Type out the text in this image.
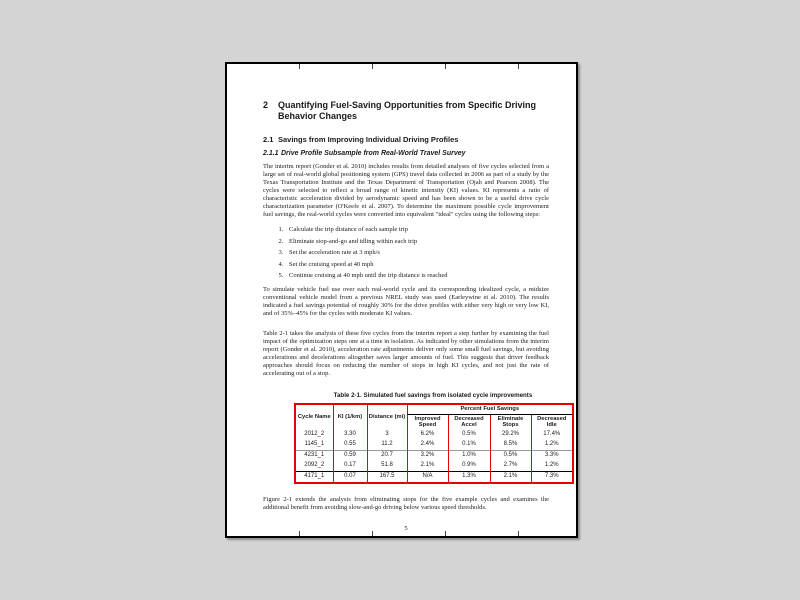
2	Quantifying Fuel-Saving Opportunities from Specific Driving Behavior Changes
2.1 Savings from Improving Individual Driving Profiles
2.1.1 Drive Profile Subsample from Real-World Travel Survey

The interim report (Gonder et al. 2010) includes results from detailed analyses of five cycles selected from a large set of real-world global positioning system (GPS) travel data collected in 2006 as part of a study by the Texas Transportation Institute and the Texas Department of Transportation (Ojah and Pearson 2008). The cycles were selected to reflect a broad range of kinetic intensity (KI) values. KI represents a ratio of characteristic acceleration divided by aerodynamic speed and has been shown to be a useful drive cycle characterization parameter (O'Keefe et al. 2007). To determine the maximum possible cycle improvement fuel savings, the real-world cycles were converted into equivalent "ideal" cycles using the following steps:

1. Calculate the trip distance of each sample trip
2. Eliminate stop-and-go and idling within each trip
3. Set the acceleration rate at 3 mph/s
4. Set the cruising speed at 40 mph
5. Continue cruising at 40 mph until the trip distance is reached

To simulate vehicle fuel use over each real-world cycle and its corresponding idealized cycle, a midsize conventional vehicle model from a previous NREL study was used (Earleywine et al. 2010). The results indicated a fuel savings potential of roughly 30% for the drive profiles with either very high or very low KI, and of 35%–45% for the cycles with moderate KI values.

Table 2-1 takes the analysis of these five cycles from the interim report a step further by examining the fuel impact of the optimization steps one at a time in isolation. As indicated by other simulations from the interim report (Gonder et al. 2010), acceleration rate adjustments deliver only some small fuel savings, but avoiding accelerations and decelerations altogether saves larger amounts of fuel. This suggests that driver feedback approaches should focus on reducing the number of stops in high KI cycles, and not just the rate of accelerating out of a stop.

Table 2-1. Simulated fuel savings from isolated cycle improvements
Cycle Name	KI (1/km)	Distance (mi)	Percent Fuel Savings			
			Improved Speed	Decreased Accel	Eliminate Stops	Decreased Idle
2012_2	3.30	3	6.2%	0.5%	29.2%	17.4%
1145_1	0.55	11.2	2.4%	0.1%	8.5%	1.2%
4231_1	0.59	20.7	3.2%	1.0%	0.5%	3.3%
2092_2	0.17	51.8	2.1%	0.9%	2.7%	1.2%
4171_1	0.07	167.5	N/A	1.3%	2.1%	7.3%

Figure 2-1 extends the analysis from eliminating stops for the five example cycles and examines the additional benefit from avoiding slow-and-go driving below various speed thresholds.

5
